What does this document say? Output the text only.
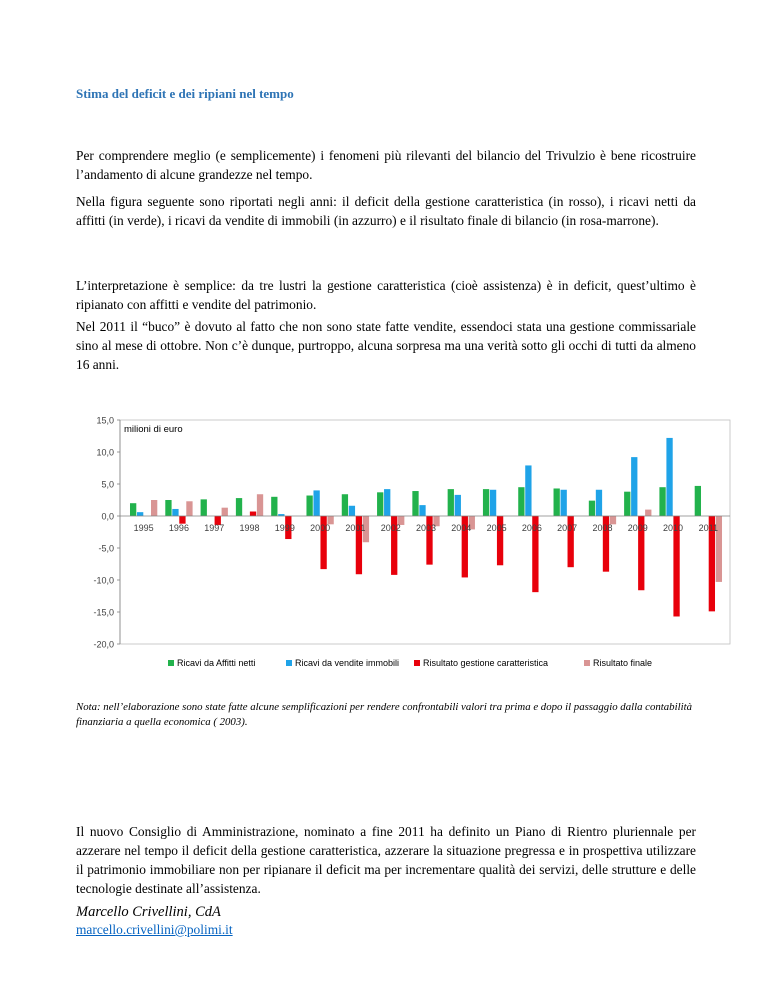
Stima del deficit e dei ripiani nel tempo

Per comprendere meglio (e semplicemente) i fenomeni più rilevanti del bilancio del Trivulzio è bene ricostruire l’andamento di alcune grandezze nel tempo.

Nella figura seguente sono riportati negli anni: il deficit della gestione caratteristica (in rosso), i ricavi netti da affitti (in verde), i ricavi da vendite di immobili (in azzurro) e il risultato finale di bilancio (in rosa-marrone).

L’interpretazione è semplice: da tre lustri la gestione caratteristica (cioè assistenza) è in deficit, quest’ultimo è ripianato con affitti e vendite del patrimonio.

Nel 2011 il “buco” è dovuto al fatto che non sono state fatte vendite, essendoci stata una gestione commissariale sino al mese di ottobre. Non c’è dunque, purtroppo, alcuna sorpresa ma una verità sotto gli occhi di tutti da almeno 16 anni.

15,0
10,0
5,0
0,0
-5,0
-10,0
-15,0
-20,0
milioni di euro
1995 1996 1997 1998 1999 2000 2001 2002 2003 2004 2005 2006 2007 2008 2009 2010 2011
Ricavi da Affitti netti	Ricavi da vendite immobili	Risultato gestione caratteristica	Risultato finale

Nota: nell’elaborazione sono state fatte alcune semplificazioni per rendere confrontabili valori tra prima e dopo il passaggio dalla contabilità finanziaria a quella economica ( 2003).

Il nuovo Consiglio di Amministrazione, nominato a fine 2011 ha definito un Piano di Rientro pluriennale per azzerare nel tempo il deficit della gestione caratteristica, azzerare la situazione pregressa e in prospettiva utilizzare il patrimonio immobiliare non per ripianare il deficit ma per incrementare qualità dei servizi, delle strutture e delle tecnologie destinate all’assistenza.

Marcello Crivellini, CdA
marcello.crivellini@polimi.it
